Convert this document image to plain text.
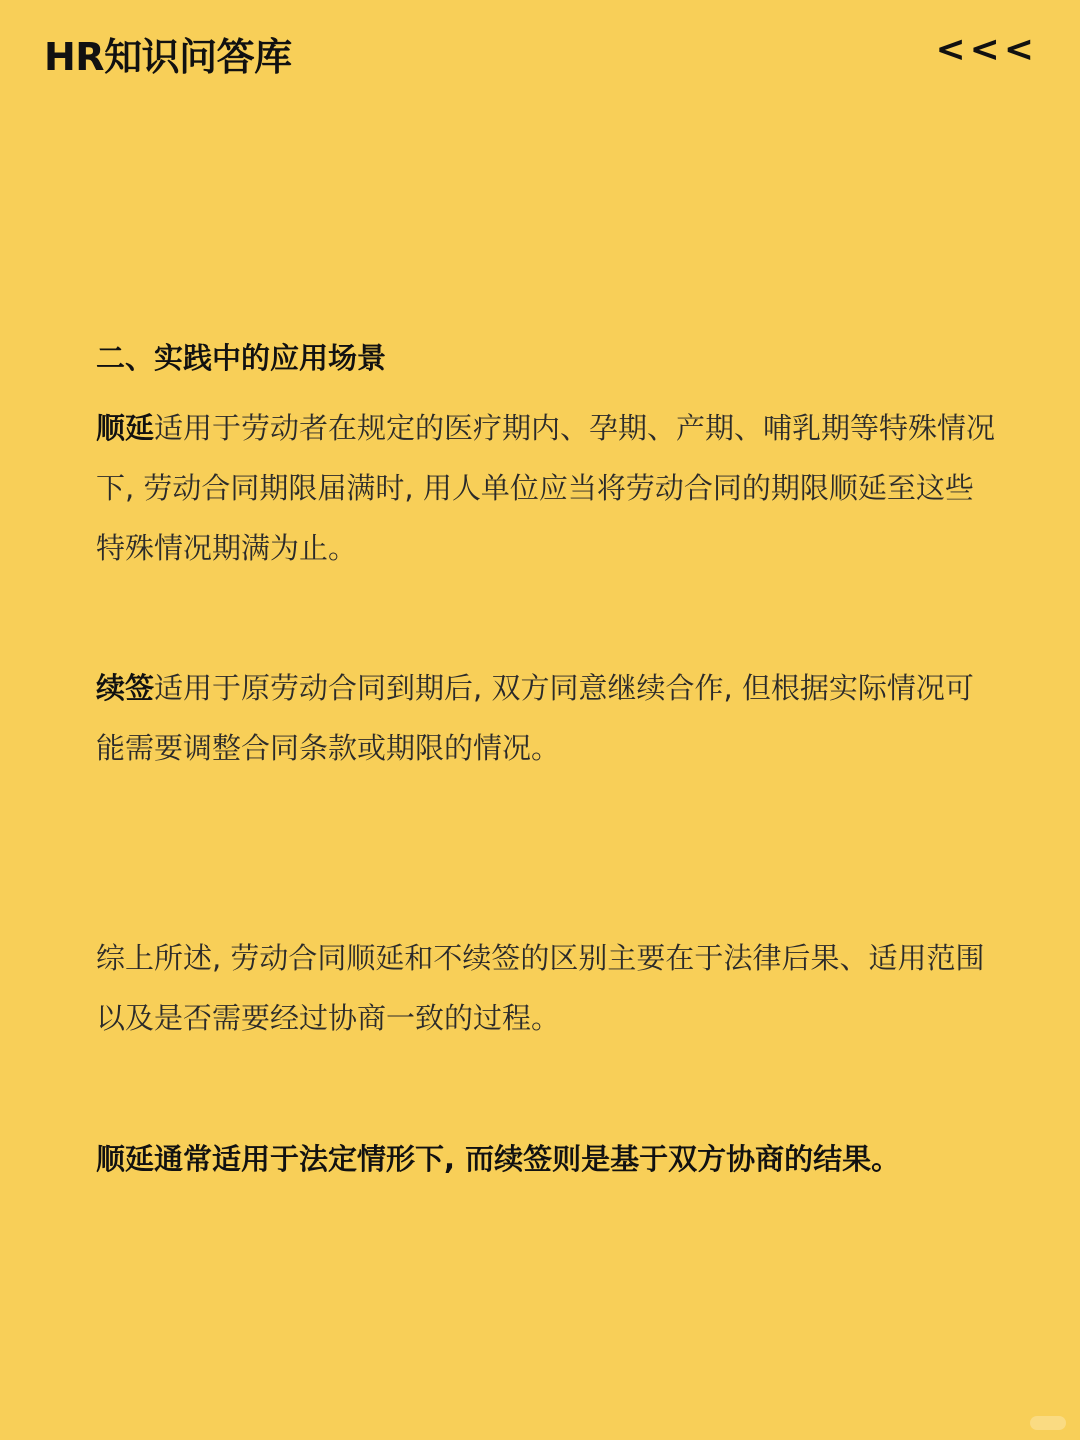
HR知识问答库	<<<
二、实践中的应用场景

顺延适用于劳动者在规定的医疗期内、孕期、产期、哺乳期等特殊情况下, 劳动合同期限届满时, 用人单位应当将劳动合同的期限顺延至这些特殊情况期满为止。

续签适用于原劳动合同到期后, 双方同意继续合作, 但根据实际情况可能需要调整合同条款或期限的情况。

综上所述, 劳动合同顺延和不续签的区别主要在于法律后果、适用范围以及是否需要经过协商一致的过程。

顺延通常适用于法定情形下, 而续签则是基于双方协商的结果。
